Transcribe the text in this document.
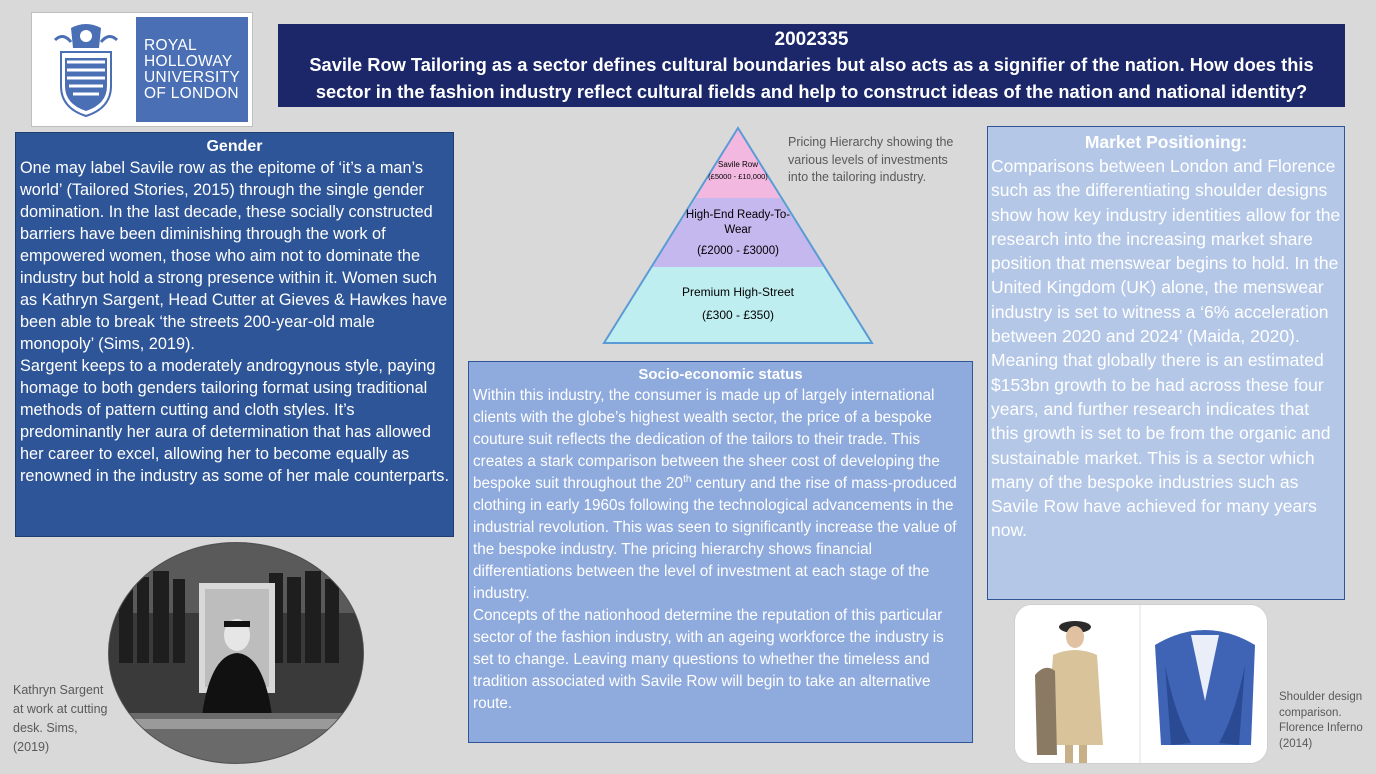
ROYAL
HOLLOWAY
UNIVERSITY
OF LONDON
2002335
Savile Row Tailoring as a sector defines cultural boundaries but also acts as a signifier of the nation. How does this sector in the fashion industry reflect cultural fields and help to construct ideas of the nation and national identity?
Gender
One may label Savile row as the epitome of ‘it’s a man’s world’ (Tailored Stories, 2015) through the single gender domination. In the last decade, these socially constructed barriers have been diminishing through the work of empowered women, those who aim not to dominate the industry but hold a strong presence within it. Women such as Kathryn Sargent, Head Cutter at Gieves & Hawkes have been able to break ‘the streets 200-year-old male monopoly’ (Sims, 2019).
Sargent keeps to a moderately androgynous style, paying homage to both genders tailoring format using traditional methods of pattern cutting and cloth styles. It’s predominantly her aura of determination that has allowed her career to excel, allowing her to become equally as renowned in the industry as some of her male counterparts.
Savile Row
(£5000 - £10,000)
High-End Ready-To-
Wear
(£2000 - £3000)
Premium High-Street
(£300 - £350)
Pricing Hierarchy showing the various levels of investments into the tailoring industry.
Socio-economic status
Within this industry, the consumer is made up of largely international clients with the globe’s highest wealth sector, the price of a bespoke couture suit reflects the dedication of the tailors to their trade. This creates a stark comparison between the sheer cost of developing the bespoke suit throughout the 20th century and the rise of mass-produced clothing in early 1960s following the technological advancements in the industrial revolution. This was seen to significantly increase the value of the bespoke industry. The pricing hierarchy shows financial differentiations between the level of investment at each stage of the industry.
Concepts of the nationhood determine the reputation of this particular sector of the fashion industry, with an ageing workforce the industry is set to change. Leaving many questions to whether the timeless and tradition associated with Savile Row will begin to take an alternative route.
Market Positioning:
Comparisons between London and Florence such as the differentiating shoulder designs show how key industry identities allow for the research into the increasing market share position that menswear begins to hold. In the United Kingdom (UK) alone, the menswear industry is set to witness a ‘6% acceleration between 2020 and 2024’ (Maida, 2020). Meaning that globally there is an estimated $153bn growth to be had across these four years, and further research indicates that this growth is set to be from the organic and sustainable market. This is a sector which many of the bespoke industries such as Savile Row have achieved for many years now.
Kathryn Sargent at work at cutting desk. Sims, (2019)
Shoulder design comparison. Florence Inferno (2014)
